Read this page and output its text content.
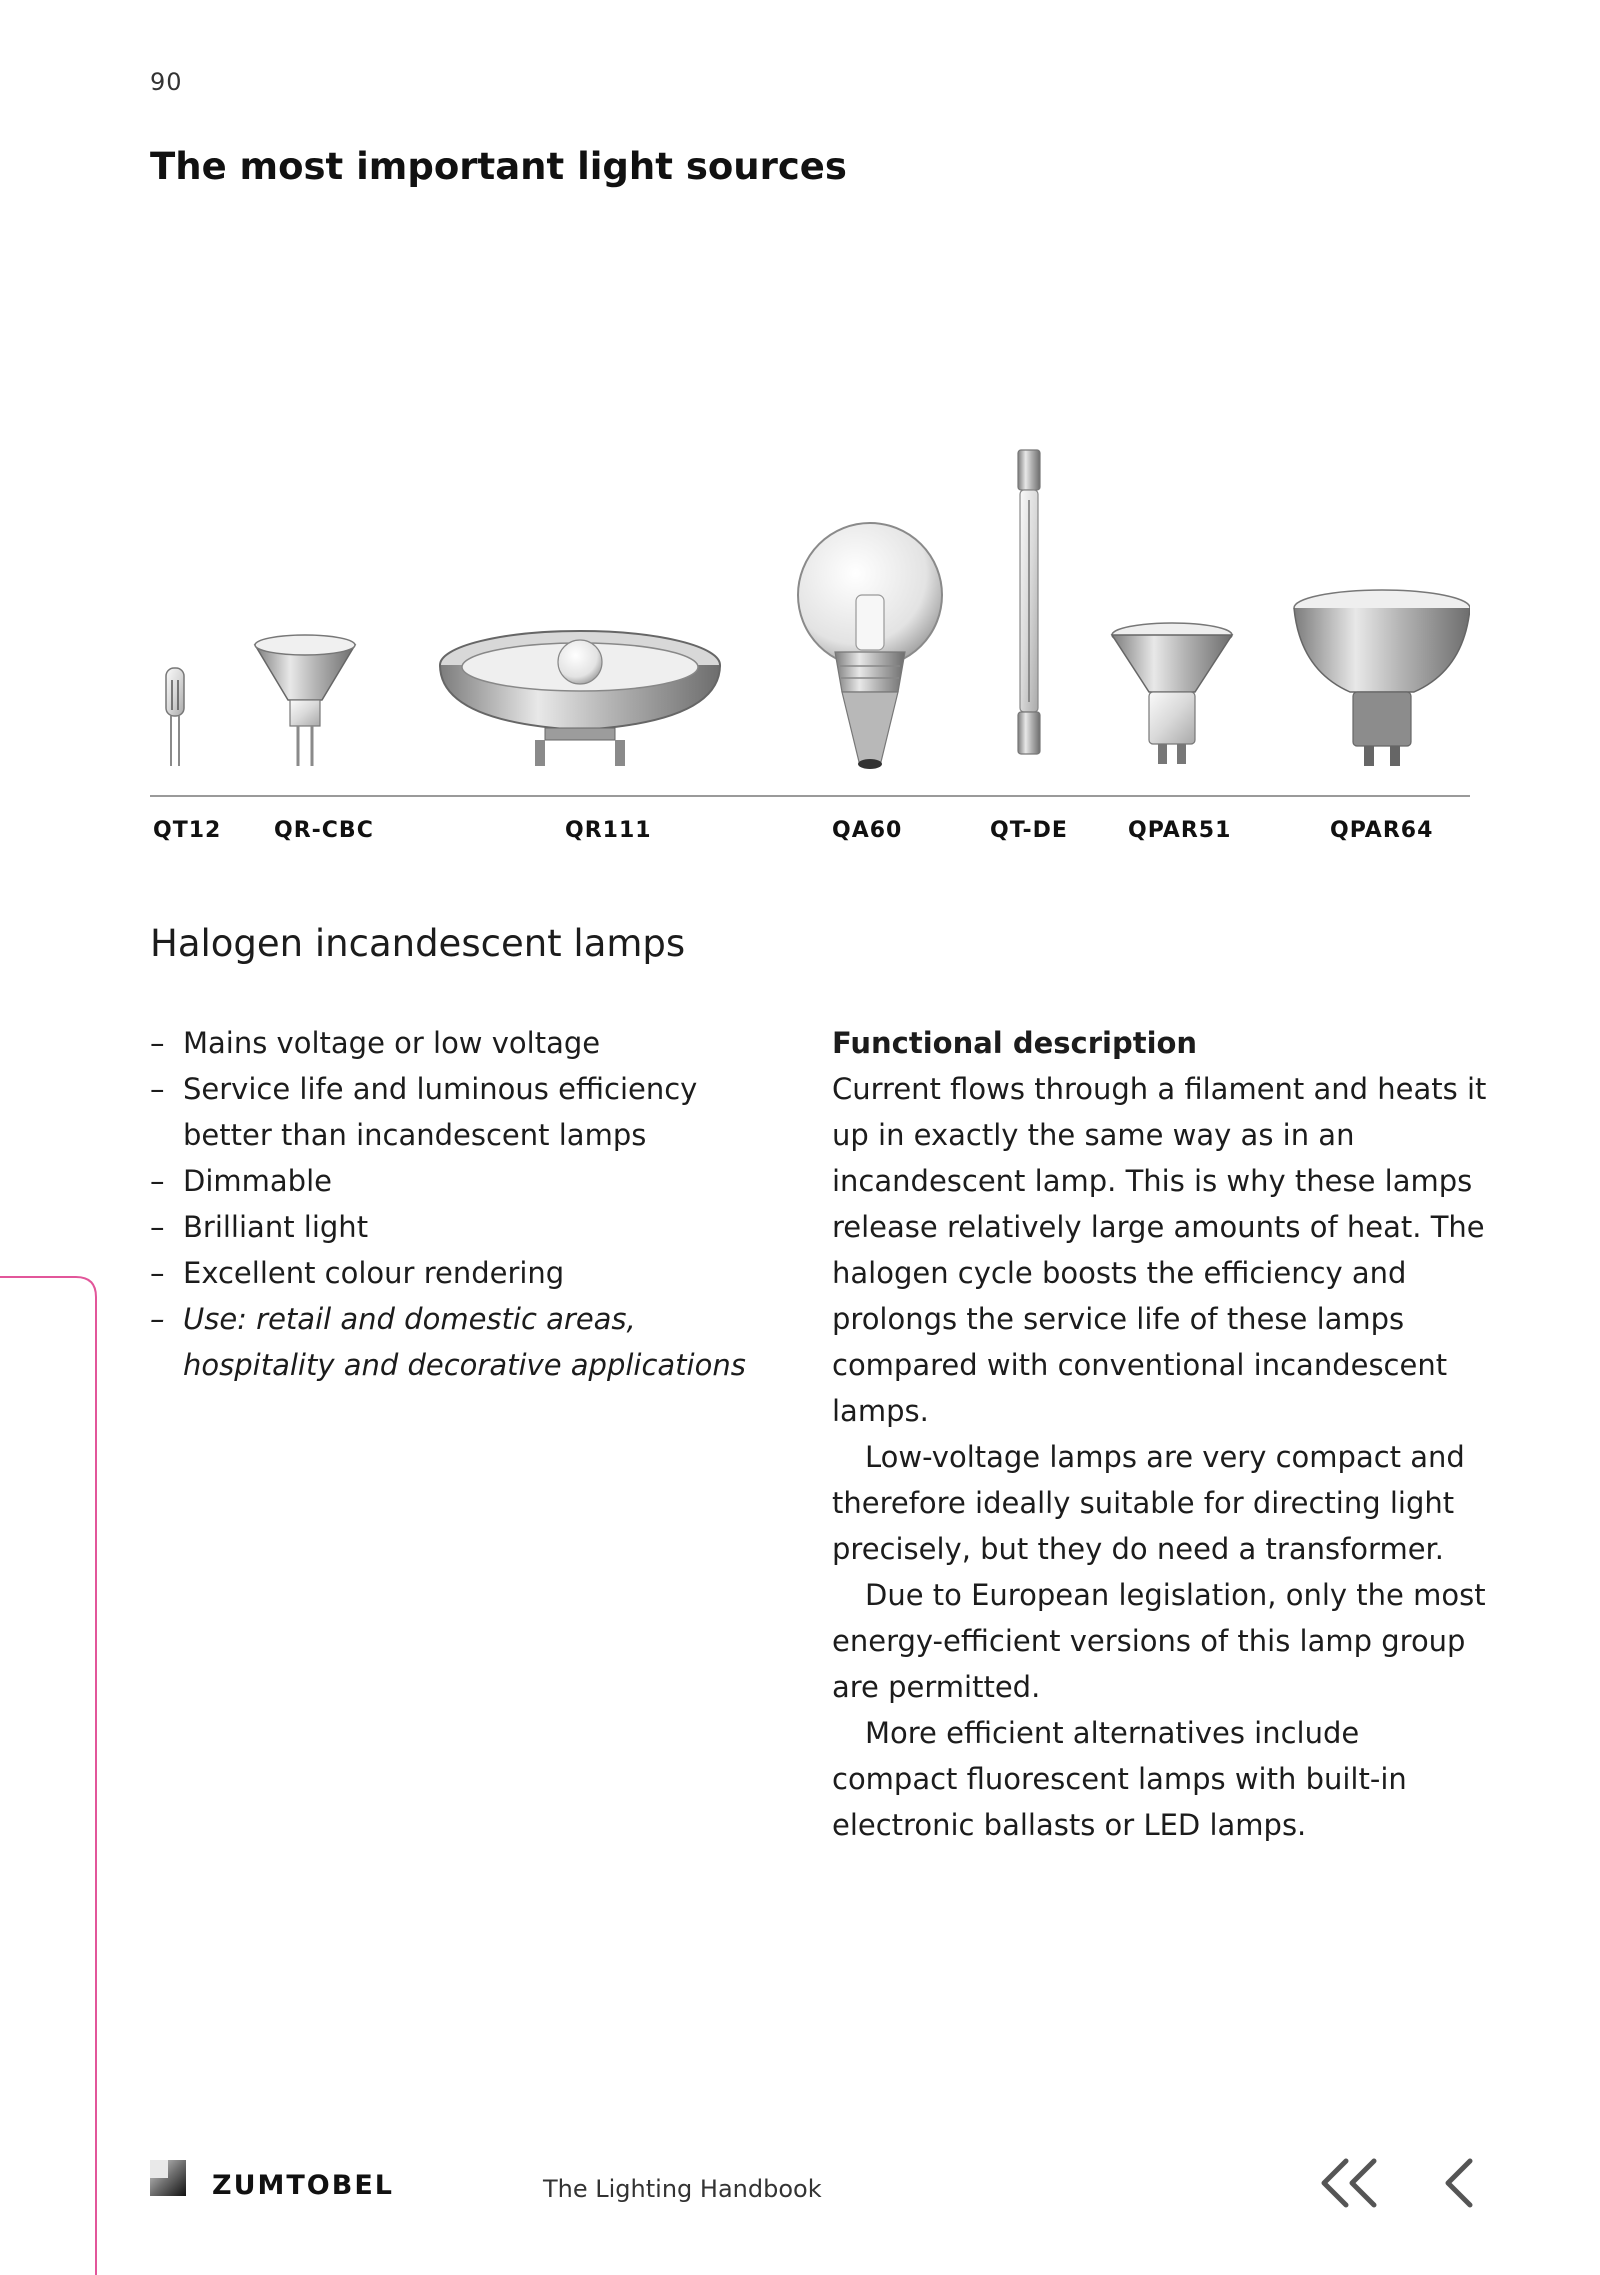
90
The most important light sources
QT12 QR-CBC	QR111	QA60	QT-DE	QPAR51	QPAR64
Halogen incandescent lamps
– Mains voltage or low voltage
– Service life and luminous efficiency better than incandescent lamps
– Dimmable
– Brilliant light
– Excellent colour rendering
– Use: retail and domestic areas, hospitality and decorative applications
Functional description

Current flows through a filament and heats it up in exactly the same way as in an incandescent lamp. This is why these lamps release relatively large amounts of heat. The halogen cycle boosts the efficiency and prolongs the service life of these lamps compared with conventional incandescent lamps.

Low-voltage lamps are very compact and therefore ideally suitable for directing light precisely, but they do need a transformer.

Due to European legislation, only the most energy-efficient versions of this lamp group are permitted.

More efficient alternatives include compact fluorescent lamps with built-in electronic ballasts or LED lamps.

ZUMTOBEL	The Lighting Handbook
